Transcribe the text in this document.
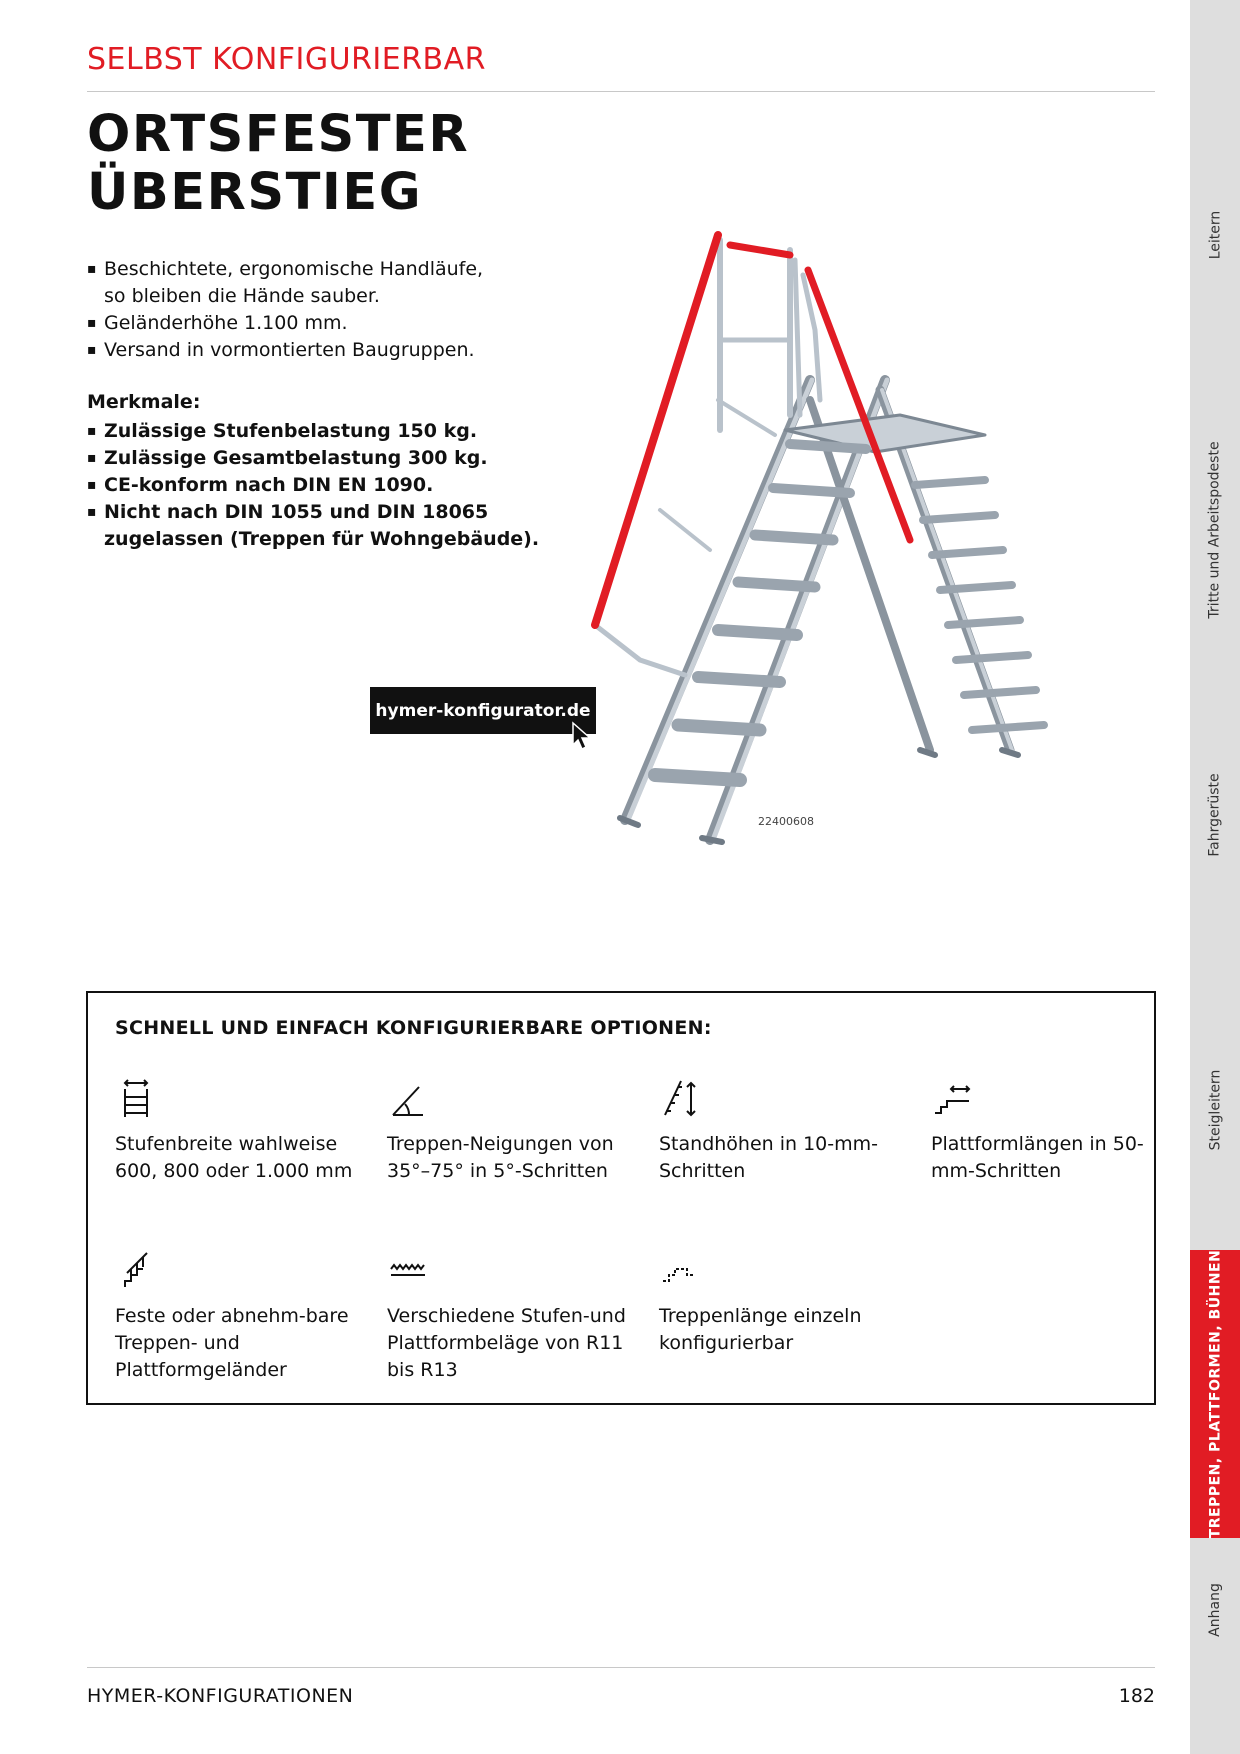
SELBST KONFIGURIERBAR
ORTSFESTER
ÜBERSTIEG
▪ Beschichtete, ergonomische Handläufe, so bleiben die Hände sauber.
▪ Geländerhöhe 1.100 mm.
▪ Versand in vormontierten Baugruppen.
Merkmale:
▪ Zulässige Stufenbelastung 150 kg.
▪ Zulässige Gesamtbelastung 300 kg.
▪ CE-konform nach DIN EN 1090.
▪ Nicht nach DIN 1055 und DIN 18065 zugelassen (Treppen für Wohngebäude).
hymer-konfigurator.de
22400608
SCHNELL UND EINFACH KONFIGURIERBARE OPTIONEN:
Stufenbreite wahlweise 600, 800 oder 1.000 mm
Treppen-Neigungen von 35°–75° in 5°-Schritten
Standhöhen in 10-mm-Schritten
Plattformlängen in 50-mm-Schritten
Feste oder abnehm-bare Treppen- und Plattformgeländer
Verschiedene Stufen-und Plattformbeläge von R11 bis R13
Treppenlänge einzeln konfigurierbar
Leitern
Tritte und Arbeitspodeste
Fahrgerüste
Steigleitern
TREPPEN, PLATTFORMEN, BÜHNEN
Anhang
HYMER-KONFIGURATIONEN	182
